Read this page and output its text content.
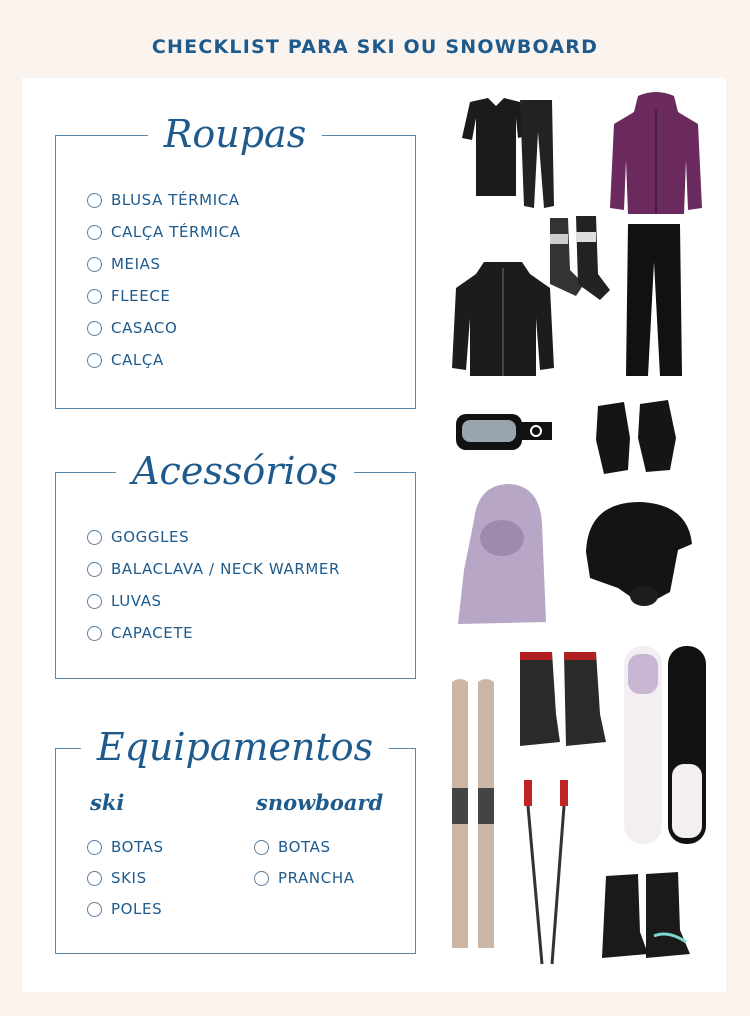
CHECKLIST PARA SKI OU SNOWBOARD
Roupas
BLUSA TÉRMICA
CALÇA TÉRMICA
MEIAS
FLEECE
CASACO
CALÇA
Acessórios
GOGGLES
BALACLAVA / NECK WARMER
LUVAS
CAPACETE
Equipamentos
ski	snowboard
BOTAS
SKIS
POLES
BOTAS
PRANCHA
